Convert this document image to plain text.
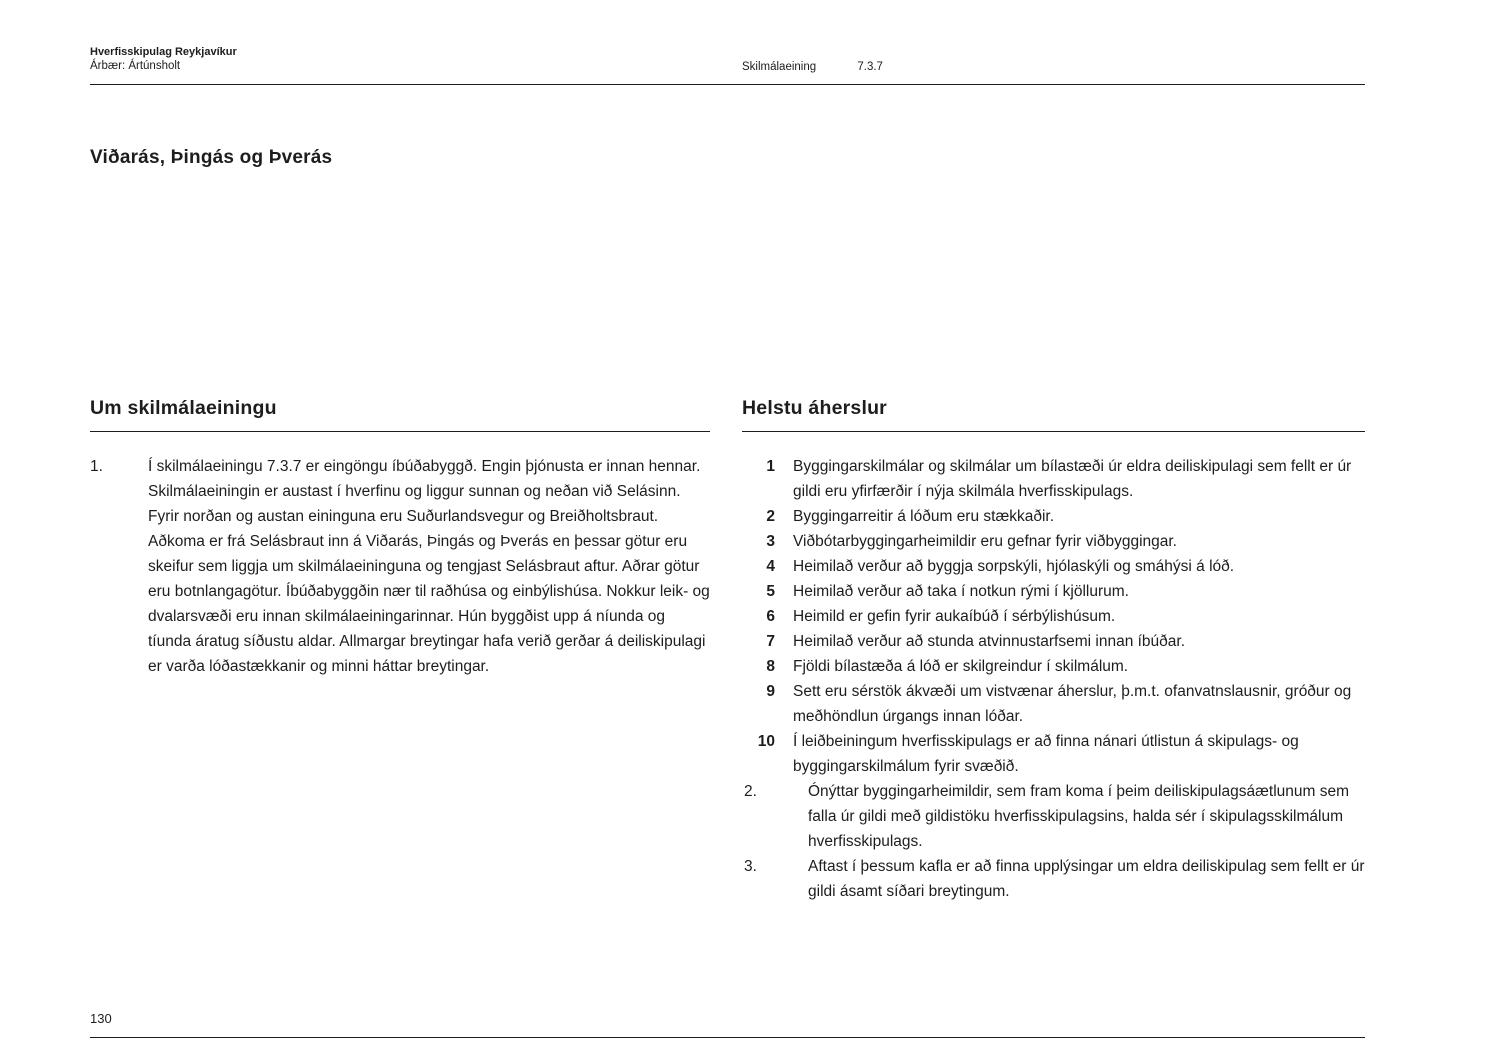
Hverfisskipulag Reykjavíkur
Árbær: Ártúnsholt	Skilmálaeining	7.3.7
Viðarás, Þingás og Þverás
Um skilmálaeiningu
1.	Í skilmálaeiningu 7.3.7 er eingöngu íbúðabyggð. Engin þjónusta er innan hennar. Skilmálaeiningin er austast í hverfinu og liggur sunnan og neðan við Selásinn. Fyrir norðan og austan eininguna eru Suðurlandsvegur og Breiðholtsbraut. Aðkoma er frá Selásbraut inn á Viðarás, Þingás og Þverás en þessar götur eru skeifur sem liggja um skilmálaeininguna og tengjast Selásbraut aftur. Aðrar götur eru botnlangagötur. Íbúðabyggðin nær til raðhúsa og einbýlishúsa. Nokkur leik- og dvalarsvæði eru innan skilmálaeiningarinnar. Hún byggðist upp á níunda og tíunda áratug síðustu aldar. Allmargar breytingar hafa verið gerðar á deiliskipulagi er varða lóðastækkanir og minni háttar breytingar.

Helstu áherslur
1 Byggingarskilmálar og skilmálar um bílastæði úr eldra deiliskipulagi sem fellt er úr gildi eru yfirfærðir í nýja skilmála hverfisskipulags.

2 Byggingarreitir á lóðum eru stækkaðir.

3 Viðbótarbyggingarheimildir eru gefnar fyrir viðbyggingar.

4 Heimilað verður að byggja sorpskýli, hjólaskýli og smáhýsi á lóð.

5 Heimilað verður að taka í notkun rými í kjöllurum.

6 Heimild er gefin fyrir aukaíbúð í sérbýlishúsum.

7 Heimilað verður að stunda atvinnustarfsemi innan íbúðar.

8 Fjöldi bílastæða á lóð er skilgreindur í skilmálum.

9 Sett eru sérstök ákvæði um vistvænar áherslur, þ.m.t. ofanvatnslausnir, gróður og meðhöndlun úrgangs innan lóðar.

10 Í leiðbeiningum hverfisskipulags er að finna nánari útlistun á skipulags- og byggingarskilmálum fyrir svæðið.

2.	Ónýttar byggingarheimildir, sem fram koma í þeim deiliskipulagsáætlunum sem falla úr gildi með gildistöku hverfisskipulagsins, halda sér í skipulagsskilmálum hverfisskipulags.

3.	Aftast í þessum kafla er að finna upplýsingar um eldra deiliskipulag sem fellt er úr gildi ásamt síðari breytingum.

130
